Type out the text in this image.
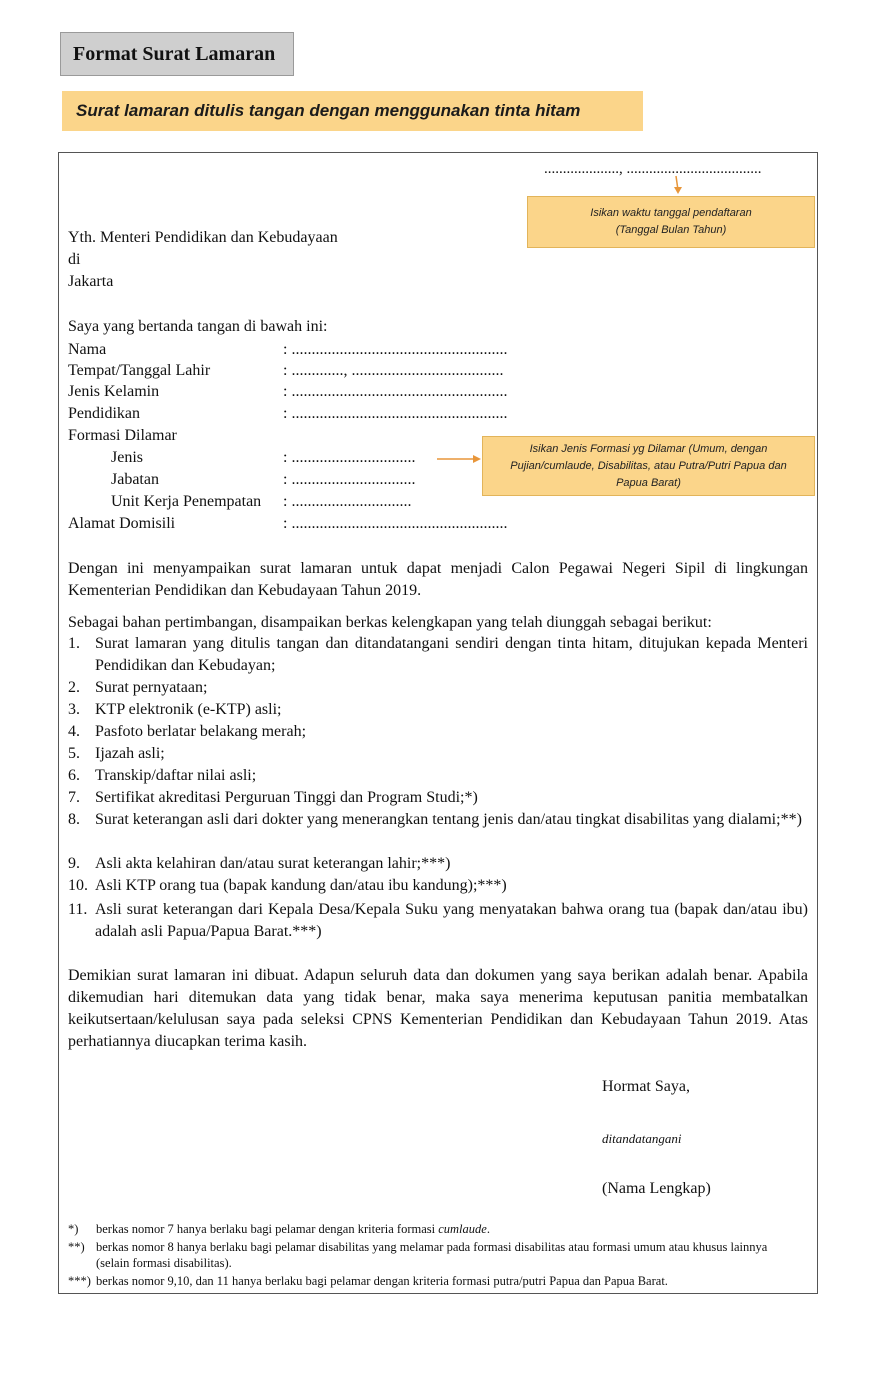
Format Surat Lamaran
Surat lamaran ditulis tangan dengan menggunakan tinta hitam
...................., ....................................
Isikan waktu tanggal pendaftaran
(Tanggal Bulan Tahun)
Yth. Menteri Pendidikan dan Kebudayaan
di
Jakarta
Saya yang bertanda tangan di bawah ini:
Nama	: ......................................................
Tempat/Tanggal Lahir	: ............., ......................................
Jenis Kelamin	: ......................................................
Pendidikan	: ......................................................
Formasi Dilamar
Jenis	: ...............................
Jabatan	: ...............................
Unit Kerja Penempatan : ..............................
Alamat Domisili	: ......................................................
Isikan Jenis Formasi yg Dilamar (Umum, dengan Pujian/cumlaude, Disabilitas, atau Putra/Putri Papua dan Papua Barat)
Dengan ini menyampaikan surat lamaran untuk dapat menjadi Calon Pegawai Negeri Sipil di lingkungan Kementerian Pendidikan dan Kebudayaan Tahun 2019.
Sebagai bahan pertimbangan, disampaikan berkas kelengkapan yang telah diunggah sebagai berikut:
1. Surat lamaran yang ditulis tangan dan ditandatangani sendiri dengan tinta hitam, ditujukan kepada Menteri Pendidikan dan Kebudayan;
2. Surat pernyataan;
3. KTP elektronik (e-KTP) asli;
4. Pasfoto berlatar belakang merah;
5. Ijazah asli;
6. Transkip/daftar nilai asli;
7. Sertifikat akreditasi Perguruan Tinggi dan Program Studi;*)
8. Surat keterangan asli dari dokter yang menerangkan tentang jenis dan/atau tingkat disabilitas yang dialami;**)
9. Asli akta kelahiran dan/atau surat keterangan lahir;***)
10. Asli KTP orang tua (bapak kandung dan/atau ibu kandung);***)
11. Asli surat keterangan dari Kepala Desa/Kepala Suku yang menyatakan bahwa orang tua (bapak dan/atau ibu) adalah asli Papua/Papua Barat.***)
Demikian surat lamaran ini dibuat. Adapun seluruh data dan dokumen yang saya berikan adalah benar. Apabila dikemudian hari ditemukan data yang tidak benar, maka saya menerima keputusan panitia membatalkan keikutsertaan/kelulusan saya pada seleksi CPNS Kementerian Pendidikan dan Kebudayaan Tahun 2019. Atas perhatiannya diucapkan terima kasih.
Hormat Saya,
ditandatangani
(Nama Lengkap)
*) berkas nomor 7 hanya berlaku bagi pelamar dengan kriteria formasi cumlaude.
**) berkas nomor 8 hanya berlaku bagi pelamar disabilitas yang melamar pada formasi disabilitas atau formasi umum atau khusus lainnya (selain formasi disabilitas).
***) berkas nomor 9,10, dan 11 hanya berlaku bagi pelamar dengan kriteria formasi putra/putri Papua dan Papua Barat.
